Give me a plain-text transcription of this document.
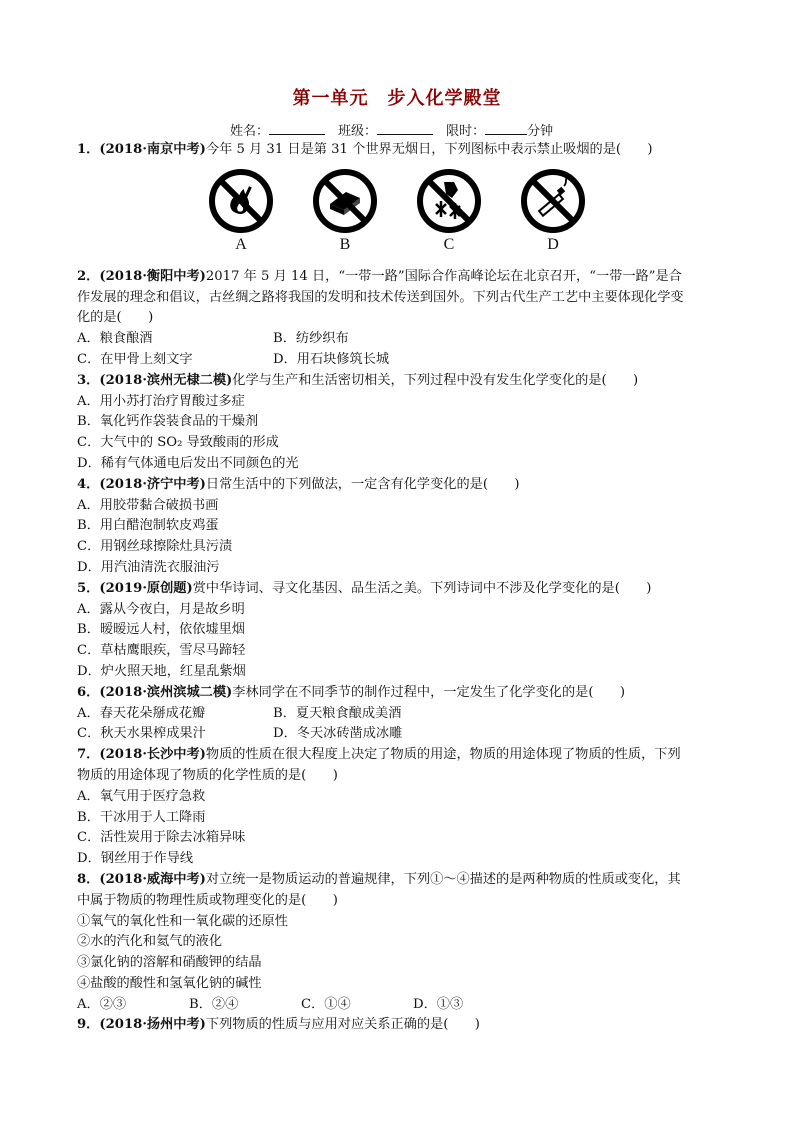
第一单元　步入化学殿堂
姓名：　	班级：　	限时：	分钟
1．(2018·南京中考)今年 5 月 31 日是第 31 个世界无烟日，下列图标中表示禁止吸烟的是(　　)
2．(2018·衡阳中考)2017 年 5 月 14 日，“一带一路”国际合作高峰论坛在北京召开，“一带一路”是合
作发展的理念和倡议，古丝绸之路将我国的发明和技术传送到国外。下列古代生产工艺中主要体现化学变
化的是(　　)
A．粮食酿酒	B．纺纱织布
C．在甲骨上刻文字	D．用石块修筑长城
3．(2018·滨州无棣二模)化学与生产和生活密切相关，下列过程中没有发生化学变化的是(　　)
A．用小苏打治疗胃酸过多症
B．氧化钙作袋装食品的干燥剂
C．大气中的 SO₂ 导致酸雨的形成
D．稀有气体通电后发出不同颜色的光
4．(2018·济宁中考)日常生活中的下列做法，一定含有化学变化的是(　　)
A．用胶带黏合破损书画
B．用白醋泡制软皮鸡蛋
C．用钢丝球擦除灶具污渍
D．用汽油清洗衣服油污
5．(2019·原创题)赏中华诗词、寻文化基因、品生活之美。下列诗词中不涉及化学变化的是(　　)
A．露从今夜白，月是故乡明
B．暧暧远人村，依依墟里烟
C．草枯鹰眼疾，雪尽马蹄轻
D．炉火照天地，红星乱紫烟
6．(2018·滨州滨城二模)李林同学在不同季节的制作过程中，一定发生了化学变化的是(　　)
A．春天花朵掰成花瓣	B．夏天粮食酿成美酒
C．秋天水果榨成果汁	D．冬天冰砖凿成冰雕
7．(2018·长沙中考)物质的性质在很大程度上决定了物质的用途，物质的用途体现了物质的性质，下列
物质的用途体现了物质的化学性质的是(　　)
A．氧气用于医疗急救
B．干冰用于人工降雨
C．活性炭用于除去冰箱异味
D．钢丝用于作导线
8．(2018·威海中考)对立统一是物质运动的普遍规律，下列①～④描述的是两种物质的性质或变化，其
中属于物质的物理性质或物理变化的是(　　)
①氧气的氧化性和一氧化碳的还原性
②水的汽化和氦气的液化
③氯化钠的溶解和硝酸钾的结晶
④盐酸的酸性和氢氧化钠的碱性
A．②③	B．②④	C．①④	D．①③
9．(2018·扬州中考)下列物质的性质与应用对应关系正确的是(　　)
A	B	C	D
